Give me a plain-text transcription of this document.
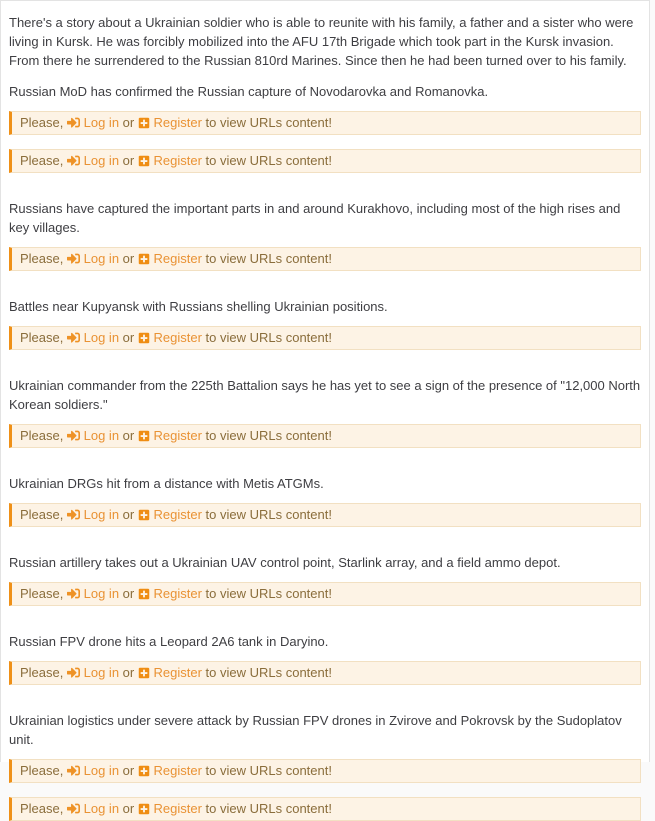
There's a story about a Ukrainian soldier who is able to reunite with his family, a father and a sister who were living in Kursk. He was forcibly mobilized into the AFU 17th Brigade which took part in the Kursk invasion. From there he surrendered to the Russian 810rd Marines. Since then he had been turned over to his family.

Russian MoD has confirmed the Russian capture of Novodarovka and Romanovka.

Please, Log in or Register to view URLs content!
Please, Log in or Register to view URLs content!

Russians have captured the important parts in and around Kurakhovo, including most of the high rises and key villages.

Please, Log in or Register to view URLs content!

Battles near Kupyansk with Russians shelling Ukrainian positions.

Please, Log in or Register to view URLs content!

Ukrainian commander from the 225th Battalion says he has yet to see a sign of the presence of "12,000 North Korean soldiers."

Please, Log in or Register to view URLs content!

Ukrainian DRGs hit from a distance with Metis ATGMs.

Please, Log in or Register to view URLs content!

Russian artillery takes out a Ukrainian UAV control point, Starlink array, and a field ammo depot.

Please, Log in or Register to view URLs content!

Russian FPV drone hits a Leopard 2A6 tank in Daryino.

Please, Log in or Register to view URLs content!

Ukrainian logistics under severe attack by Russian FPV drones in Zvirove and Pokrovsk by the Sudoplatov unit.

Please, Log in or Register to view URLs content!
Please, Log in or Register to view URLs content!
